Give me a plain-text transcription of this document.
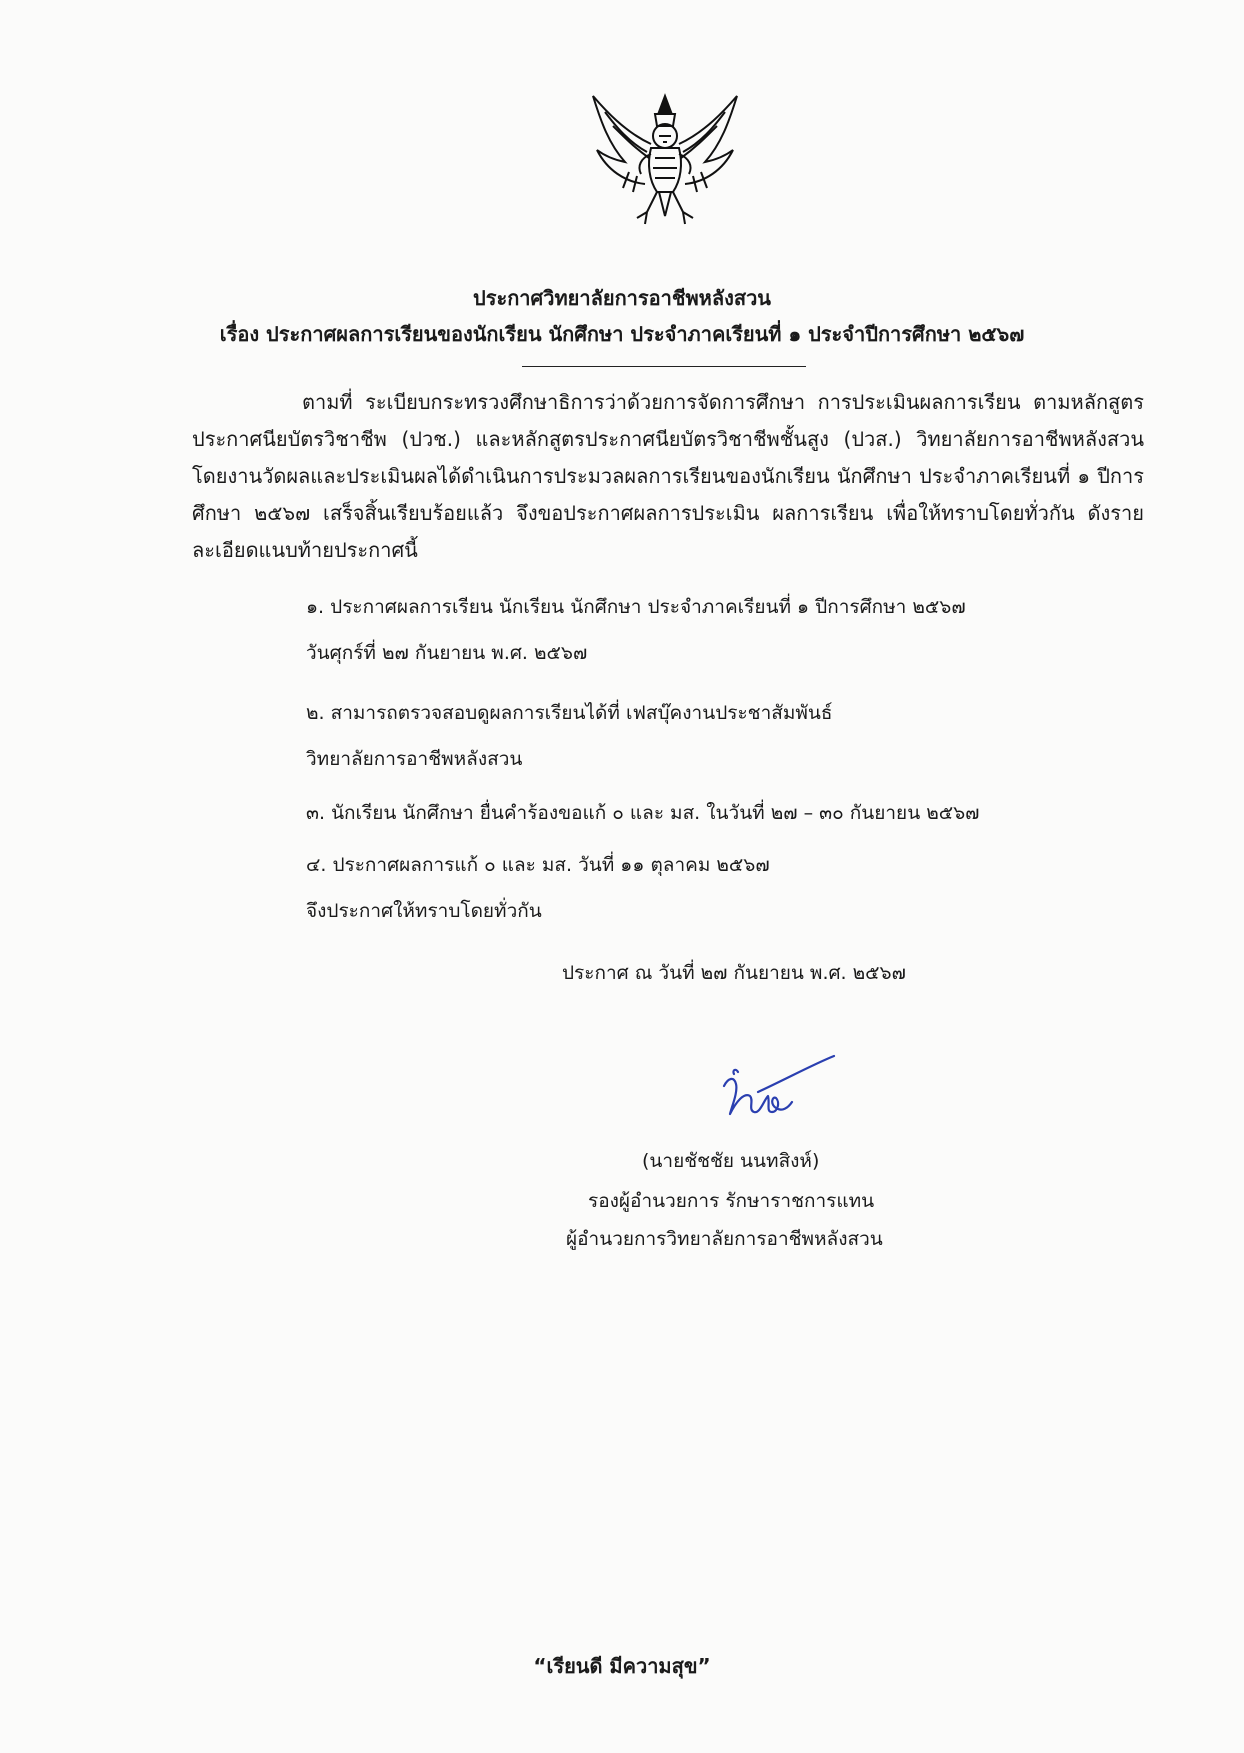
ประกาศวิทยาลัยการอาชีพหลังสวน
เรื่อง ประกาศผลการเรียนของนักเรียน นักศึกษา ประจำภาคเรียนที่ ๑ ประจำปีการศึกษา ๒๕๖๗
ตามที่ ระเบียบกระทรวงศึกษาธิการว่าด้วยการจัดการศึกษา การประเมินผลการเรียน ตามหลักสูตรประกาศนียบัตรวิชาชีพ (ปวช.) และหลักสูตรประกาศนียบัตรวิชาชีพชั้นสูง (ปวส.) วิทยาลัยการอาชีพหลังสวน โดยงานวัดผลและประเมินผลได้ดำเนินการประมวลผลการเรียนของนักเรียน นักศึกษา ประจำภาคเรียนที่ ๑ ปีการศึกษา ๒๕๖๗ เสร็จสิ้นเรียบร้อยแล้ว จึงขอประกาศผลการประเมิน ผลการเรียน เพื่อให้ทราบโดยทั่วกัน ดังรายละเอียดแนบท้ายประกาศนี้
๑. ประกาศผลการเรียน นักเรียน นักศึกษา ประจำภาคเรียนที่ ๑ ปีการศึกษา ๒๕๖๗
วันศุกร์ที่ ๒๗ กันยายน พ.ศ. ๒๕๖๗
๒. สามารถตรวจสอบดูผลการเรียนได้ที่ เฟสบุ๊คงานประชาสัมพันธ์
วิทยาลัยการอาชีพหลังสวน
๓. นักเรียน นักศึกษา ยื่นคำร้องขอแก้ ๐ และ มส. ในวันที่ ๒๗ – ๓๐ กันยายน ๒๕๖๗
๔. ประกาศผลการแก้ ๐ และ มส. วันที่ ๑๑ ตุลาคม ๒๕๖๗
จึงประกาศให้ทราบโดยทั่วกัน
ประกาศ ณ วันที่ ๒๗ กันยายน พ.ศ. ๒๕๖๗
(นายชัชชัย นนทสิงห์)
รองผู้อำนวยการ รักษาราชการแทน
ผู้อำนวยการวิทยาลัยการอาชีพหลังสวน
“เรียนดี มีความสุข”
